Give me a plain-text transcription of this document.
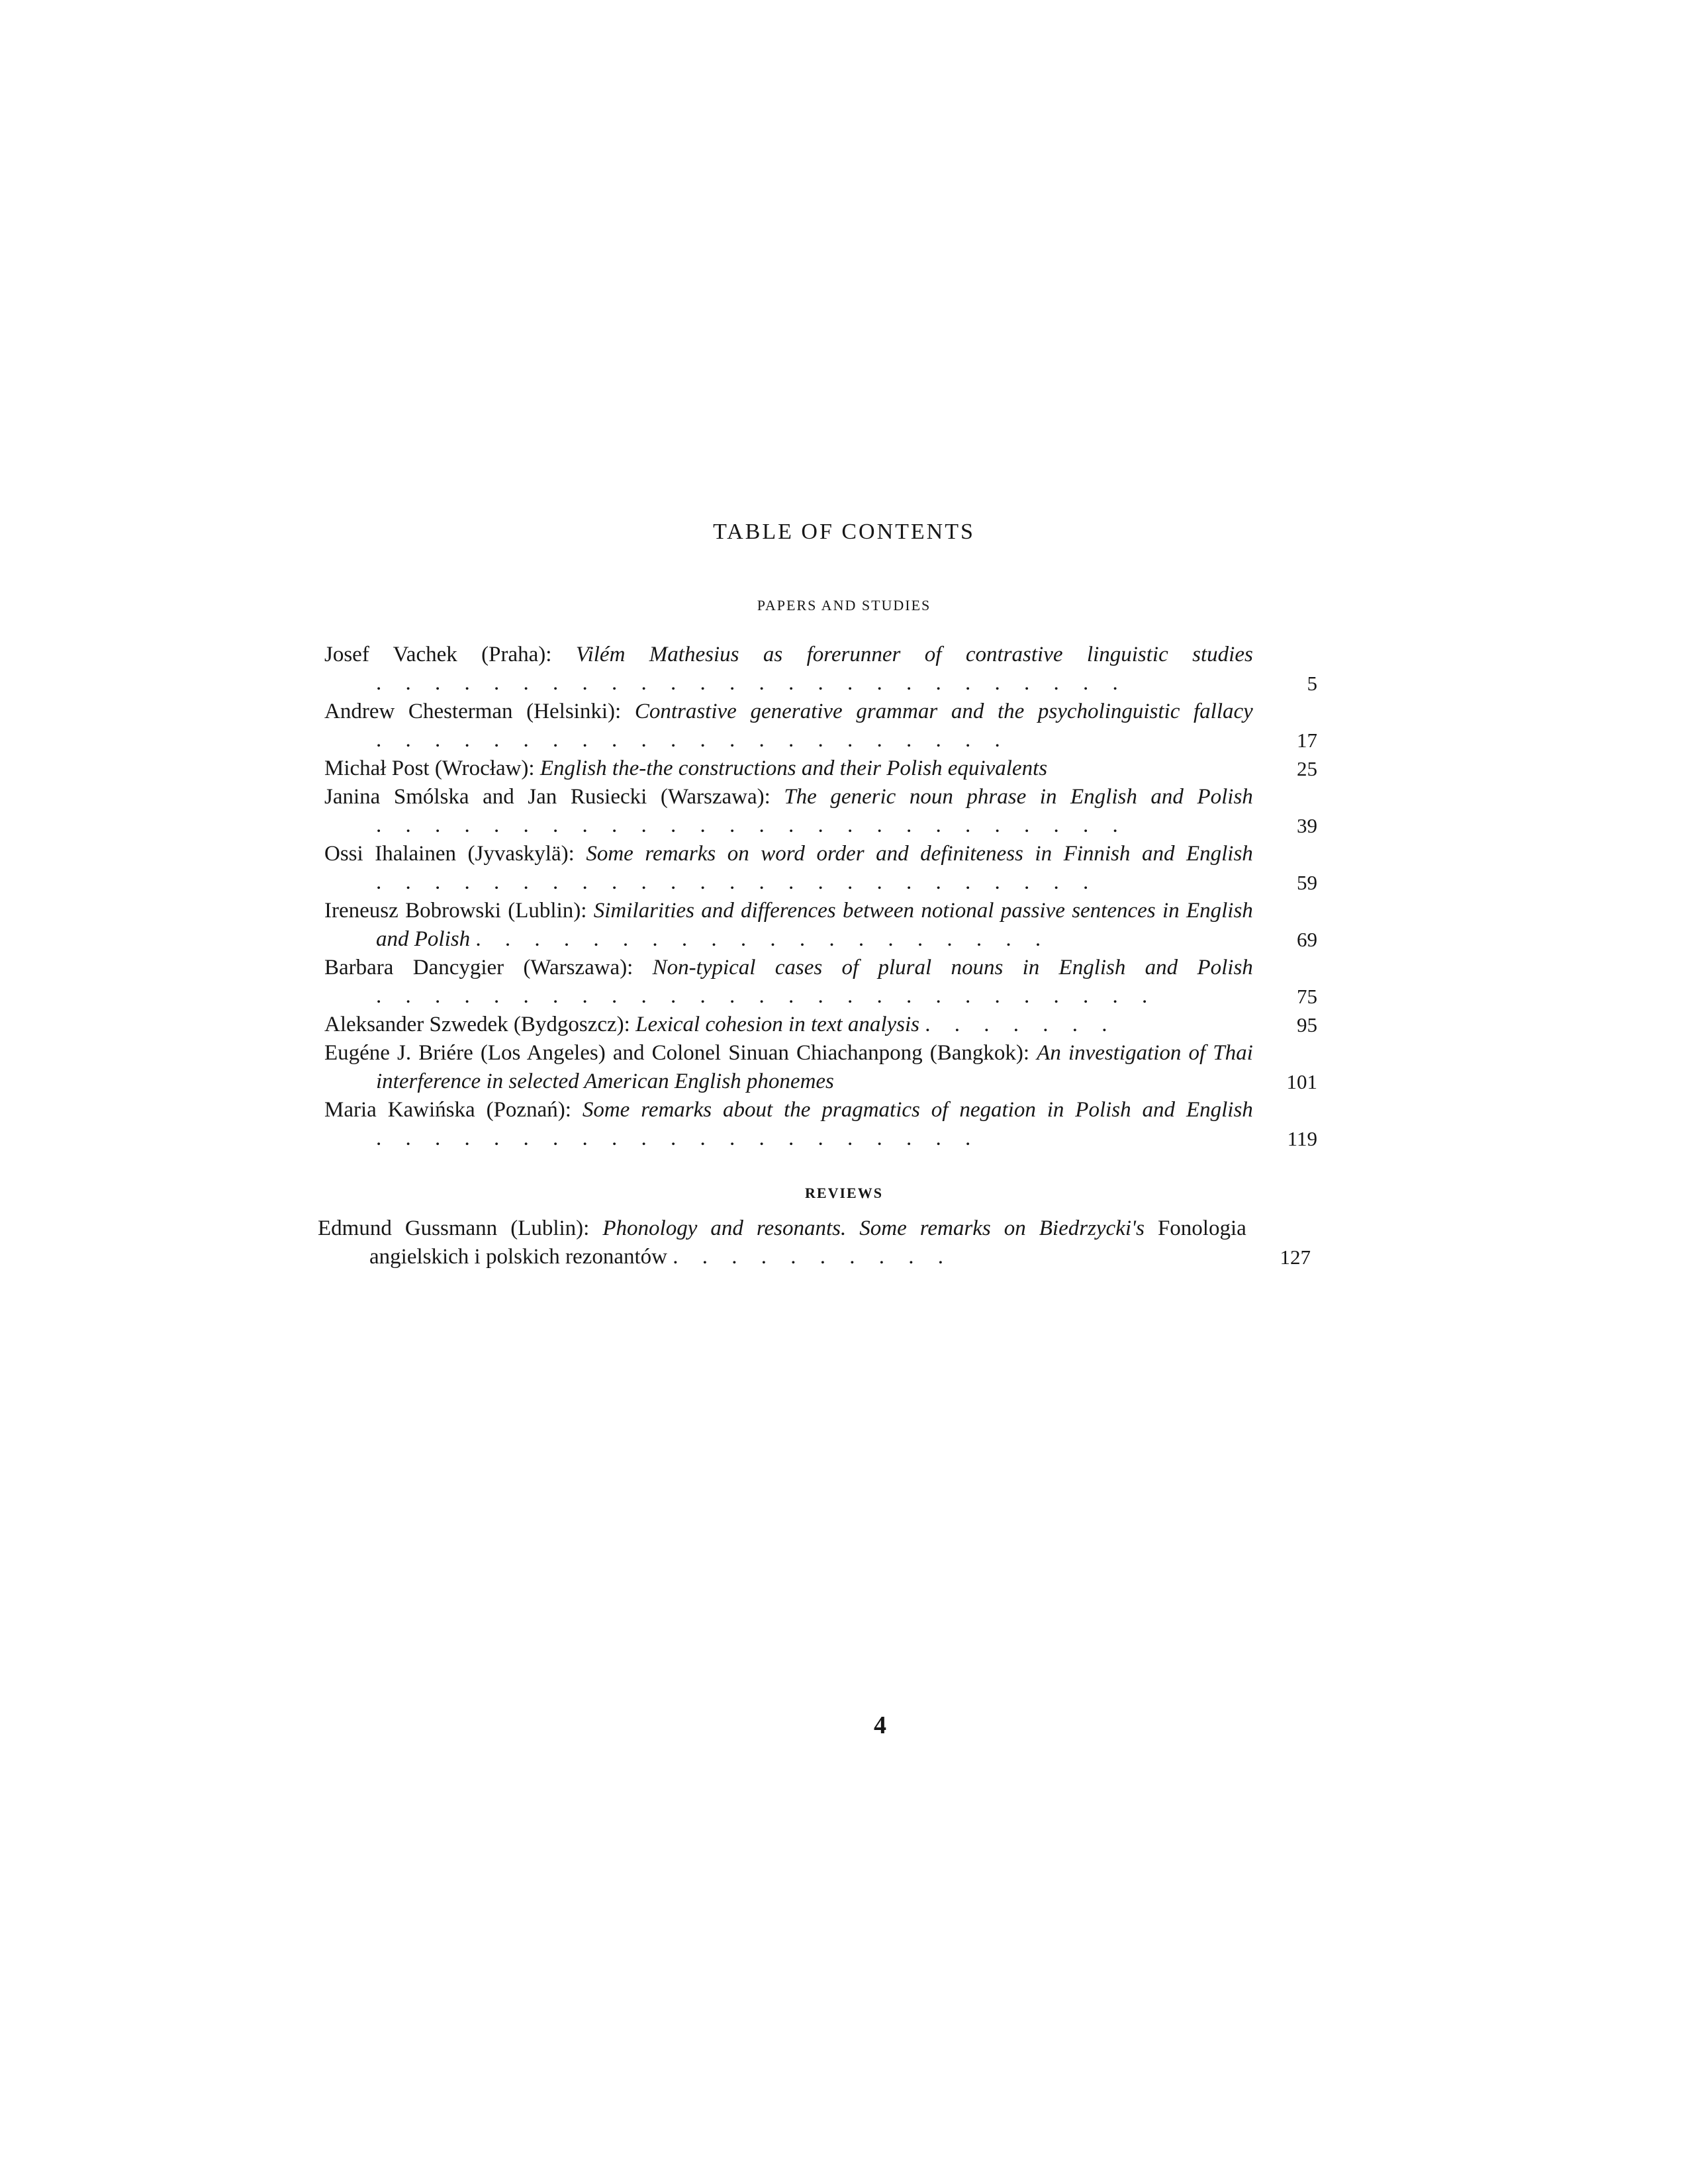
TABLE OF CONTENTS
PAPERS AND STUDIES
Josef Vachek (Praha): Vilém Mathesius as forerunner of contrastive linguistic studies . . . . . . . . . . . . . . . . . . . . . . . . . .	5
Andrew Chesterman (Helsinki): Contrastive generative grammar and the psycholinguistic fallacy . . . . . . . . . . . . . . . . . . . . . .	17
Michał Post (Wrocław): English the-the constructions and their Polish equivalents	25
Janina Smólska and Jan Rusiecki (Warszawa): The generic noun phrase in English and Polish . . . . . . . . . . . . . . . . . . . . . . . . . .	39
Ossi Ihalainen (Jyvaskylä): Some remarks on word order and definiteness in Finnish and English . . . . . . . . . . . . . . . . . . . . . . . . .	59
Ireneusz Bobrowski (Lublin): Similarities and differences between notional passive sentences in English and Polish . . . . . . . . . . . . . . . . . . . .	69
Barbara Dancygier (Warszawa): Non-typical cases of plural nouns in English and Polish . . . . . . . . . . . . . . . . . . . . . . . . . . .	75
Aleksander Szwedek (Bydgoszcz): Lexical cohesion in text analysis . . . . . . .	95
Eugéne J. Briére (Los Angeles) and Colonel Sinuan Chiachanpong (Bangkok): An investigation of Thai interference in selected American English phonemes	101
Maria Kawińska (Poznań): Some remarks about the pragmatics of negation in Polish and English . . . . . . . . . . . . . . . . . . . . .	119
REVIEWS
Edmund Gussmann (Lublin): Phonology and resonants. Some remarks on Biedrzycki's Fonologia angielskich i polskich rezonantów . . . . . . . . . .	127
4
